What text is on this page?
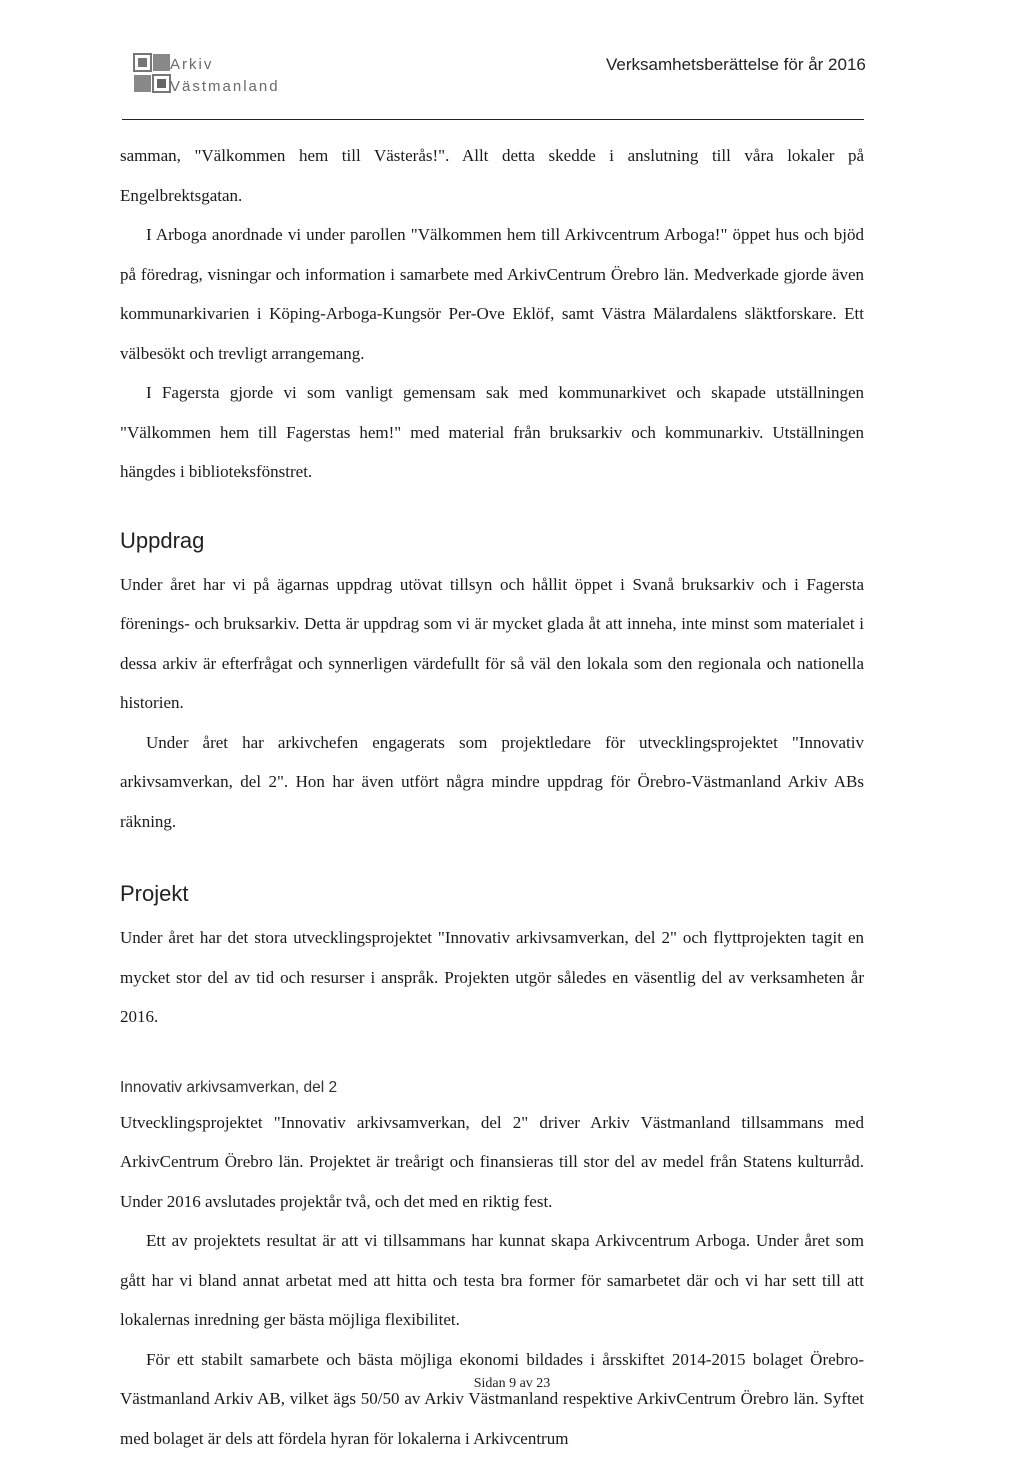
Arkiv
Västmanland
Verksamhetsberättelse för år 2016

samman, "Välkommen hem till Västerås!". Allt detta skedde i anslutning till våra lokaler på Engelbrektsgatan.

I Arboga anordnade vi under parollen "Välkommen hem till Arkivcentrum Arboga!" öppet hus och bjöd på föredrag, visningar och information i samarbete med ArkivCentrum Örebro län. Medverkade gjorde även kommunarkivarien i Köping-Arboga-Kungsör Per-Ove Eklöf, samt Västra Mälardalens släktforskare. Ett välbesökt och trevligt arrangemang.

I Fagersta gjorde vi som vanligt gemensam sak med kommunarkivet och skapade utställningen "Välkommen hem till Fagerstas hem!" med material från bruksarkiv och kommunarkiv. Utställningen hängdes i biblioteksfönstret.

Uppdrag

Under året har vi på ägarnas uppdrag utövat tillsyn och hållit öppet i Svanå bruksarkiv och i Fagersta förenings- och bruksarkiv. Detta är uppdrag som vi är mycket glada åt att inneha, inte minst som materialet i dessa arkiv är efterfrågat och synnerligen värdefullt för så väl den lokala som den regionala och nationella historien.

Under året har arkivchefen engagerats som projektledare för utvecklingsprojektet "Innovativ arkivsamverkan, del 2". Hon har även utfört några mindre uppdrag för Örebro-Västmanland Arkiv ABs räkning.

Projekt

Under året har det stora utvecklingsprojektet "Innovativ arkivsamverkan, del 2" och flyttprojekten tagit en mycket stor del av tid och resurser i anspråk. Projekten utgör således en väsentlig del av verksamheten år 2016.

Innovativ arkivsamverkan, del 2

Utvecklingsprojektet "Innovativ arkivsamverkan, del 2" driver Arkiv Västmanland tillsammans med ArkivCentrum Örebro län. Projektet är treårigt och finansieras till stor del av medel från Statens kulturråd. Under 2016 avslutades projektår två, och det med en riktig fest.

Ett av projektets resultat är att vi tillsammans har kunnat skapa Arkivcentrum Arboga. Under året som gått har vi bland annat arbetat med att hitta och testa bra former för samarbetet där och vi har sett till att lokalernas inredning ger bästa möjliga flexibilitet.

För ett stabilt samarbete och bästa möjliga ekonomi bildades i årsskiftet 2014-2015 bolaget Örebro-Västmanland Arkiv AB, vilket ägs 50/50 av Arkiv Västmanland respektive ArkivCentrum Örebro län. Syftet med bolaget är dels att fördela hyran för lokalerna i Arkivcentrum

Sidan 9 av 23
